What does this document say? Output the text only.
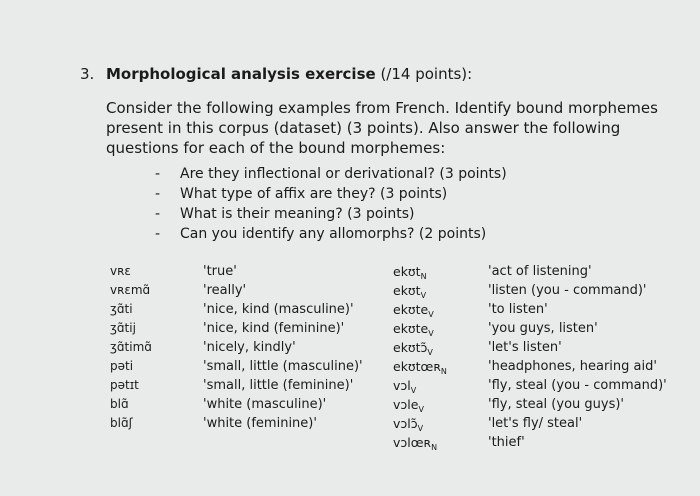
3. Morphological analysis exercise (/14 points):
Consider the following examples from French. Identify bound morphemes present in this corpus (dataset) (3 points). Also answer the following questions for each of the bound morphemes:
- Are they inflectional or derivational? (3 points)
- What type of affix are they? (3 points)
- What is their meaning? (3 points)
- Can you identify any allomorphs? (2 points)
vʀɛ
vʀɛmɑ̃
ʒɑ̃ti
ʒɑ̃tij
ʒɑ̃timɑ̃
pəti
pətɪt
blɑ̃
blɑ̃ʃ
'true'
'really'
'nice, kind (masculine)'
'nice, kind (feminine)'
'nicely, kindly'
'small, little (masculine)'
'small, little (feminine)'
'white (masculine)'
'white (feminine)'
ekʊt$_N$
ekʊt$_V$
ekʊte$_V$
ekʊte$_V$
$ekʊtɔ̃_V$
ekʊtœʀ$_N$
vɔl$_V$
vɔle$_V$
$vɔlɔ̃_V$
vɔlœʀ$_N$
'act of listening'
'listen (you - command)'
'to listen'
'you guys, listen'
'let's listen'
'headphones, hearing aid'
'fly, steal (you - command)'
'fly, steal (you guys)'
'let's fly/ steal'
'thief'
